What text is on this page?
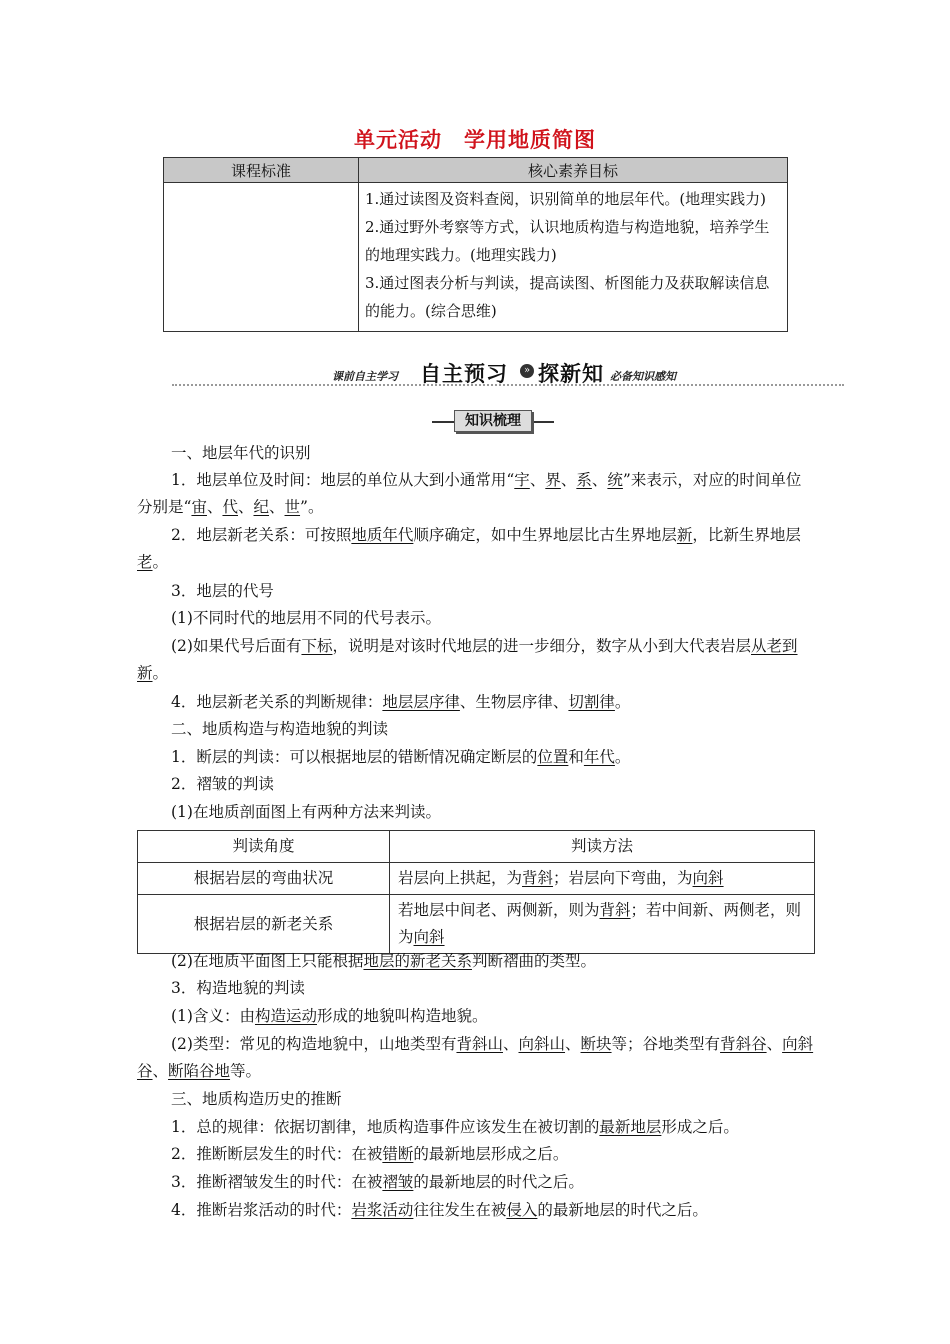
单元活动　学用地质简图
课程标准	核心素养目标

	1.通过读图及资料查阅，识别简单的地层年代。(地理实践力)
2.通过野外考察等方式，认识地质构造与构造地貌，培养学生的地理实践力。(地理实践力)
3.通过图表分析与判读，提高读图、析图能力及获取解读信息的能力。(综合思维)
课前自主学习 自主预习	» 探新知 必备知识感知
知识梳理
一、地层年代的识别
1．地层单位及时间：地层的单位从大到小通常用“宇、界、系、统”来表示，对应的时间单位分别是“宙、代、纪、世”。
2．地层新老关系：可按照地质年代顺序确定，如中生界地层比古生界地层新，比新生界地层老。
3．地层的代号
(1)不同时代的地层用不同的代号表示。
(2)如果代号后面有下标，说明是对该时代地层的进一步细分，数字从小到大代表岩层从老到新。
4．地层新老关系的判断规律：地层层序律、生物层序律、切割律。
二、地质构造与构造地貌的判读
1．断层的判读：可以根据地层的错断情况确定断层的位置和年代。
2．褶皱的判读
(1)在地质剖面图上有两种方法来判读。
判读角度	判读方法
根据岩层的弯曲状况	岩层向上拱起，为背斜；岩层向下弯曲，为向斜
根据岩层的新老关系	若地层中间老、两侧新，则为背斜；若中间新、两侧老，则为向斜
(2)在地质平面图上只能根据地层的新老关系判断褶曲的类型。
3．构造地貌的判读
(1)含义：由构造运动形成的地貌叫构造地貌。
(2)类型：常见的构造地貌中，山地类型有背斜山、向斜山、断块等；谷地类型有背斜谷、向斜谷、断陷谷地等。
三、地质构造历史的推断
1．总的规律：依据切割律，地质构造事件应该发生在被切割的最新地层形成之后。
2．推断断层发生的时代：在被错断的最新地层形成之后。
3．推断褶皱发生的时代：在被褶皱的最新地层的时代之后。
4．推断岩浆活动的时代：岩浆活动往往发生在被侵入的最新地层的时代之后。
